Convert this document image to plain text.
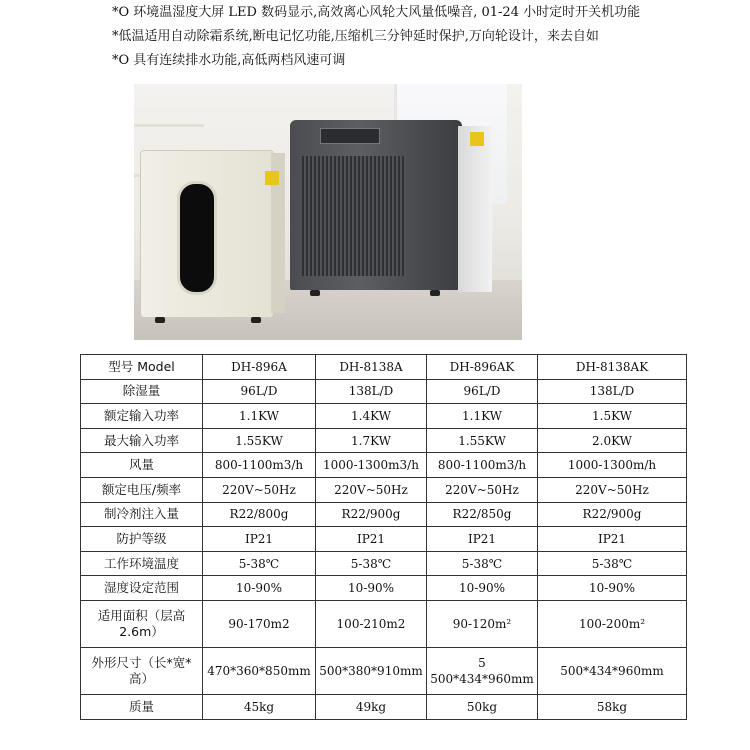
*O 环境温湿度大屏 LED 数码显示,高效离心风轮大风量低噪音, 01-24 小时定时开关机功能
*低温适用自动除霜系统,断电记忆功能,压缩机三分钟延时保护,万向轮设计，来去自如
*O 具有连续排水功能,高低两档风速可调
型号 Model	DH-896A	DH-8138A	DH-896AK	DH-8138AK
除湿量	96L/D	138L/D	96L/D	138L/D
额定输入功率	1.1KW	1.4KW	1.1KW	1.5KW
最大输入功率	1.55KW	1.7KW	1.55KW	2.0KW
风量	800-1100m3/h	1000-1300m3/h	800-1100m3/h	1000-1300m/h
额定电压/频率	220V~50Hz	220V~50Hz	220V~50Hz	220V~50Hz
制冷剂注入量	R22/800g	R22/900g	R22/850g	R22/900g
防护等级	IP21	IP21	IP21	IP21
工作环境温度	5-38℃	5-38℃	5-38℃	5-38℃
湿度设定范围	10-90%	10-90%	10-90%	10-90%
适用面积（层高 2.6m）	90-170m2	100-210m2	90-120m²	100-200m²
外形尺寸（长*宽*高）	470*360*850mm	500*380*910mm	5 500*434*960mm	500*434*960mm
质量	45kg	49kg	50kg	58kg
